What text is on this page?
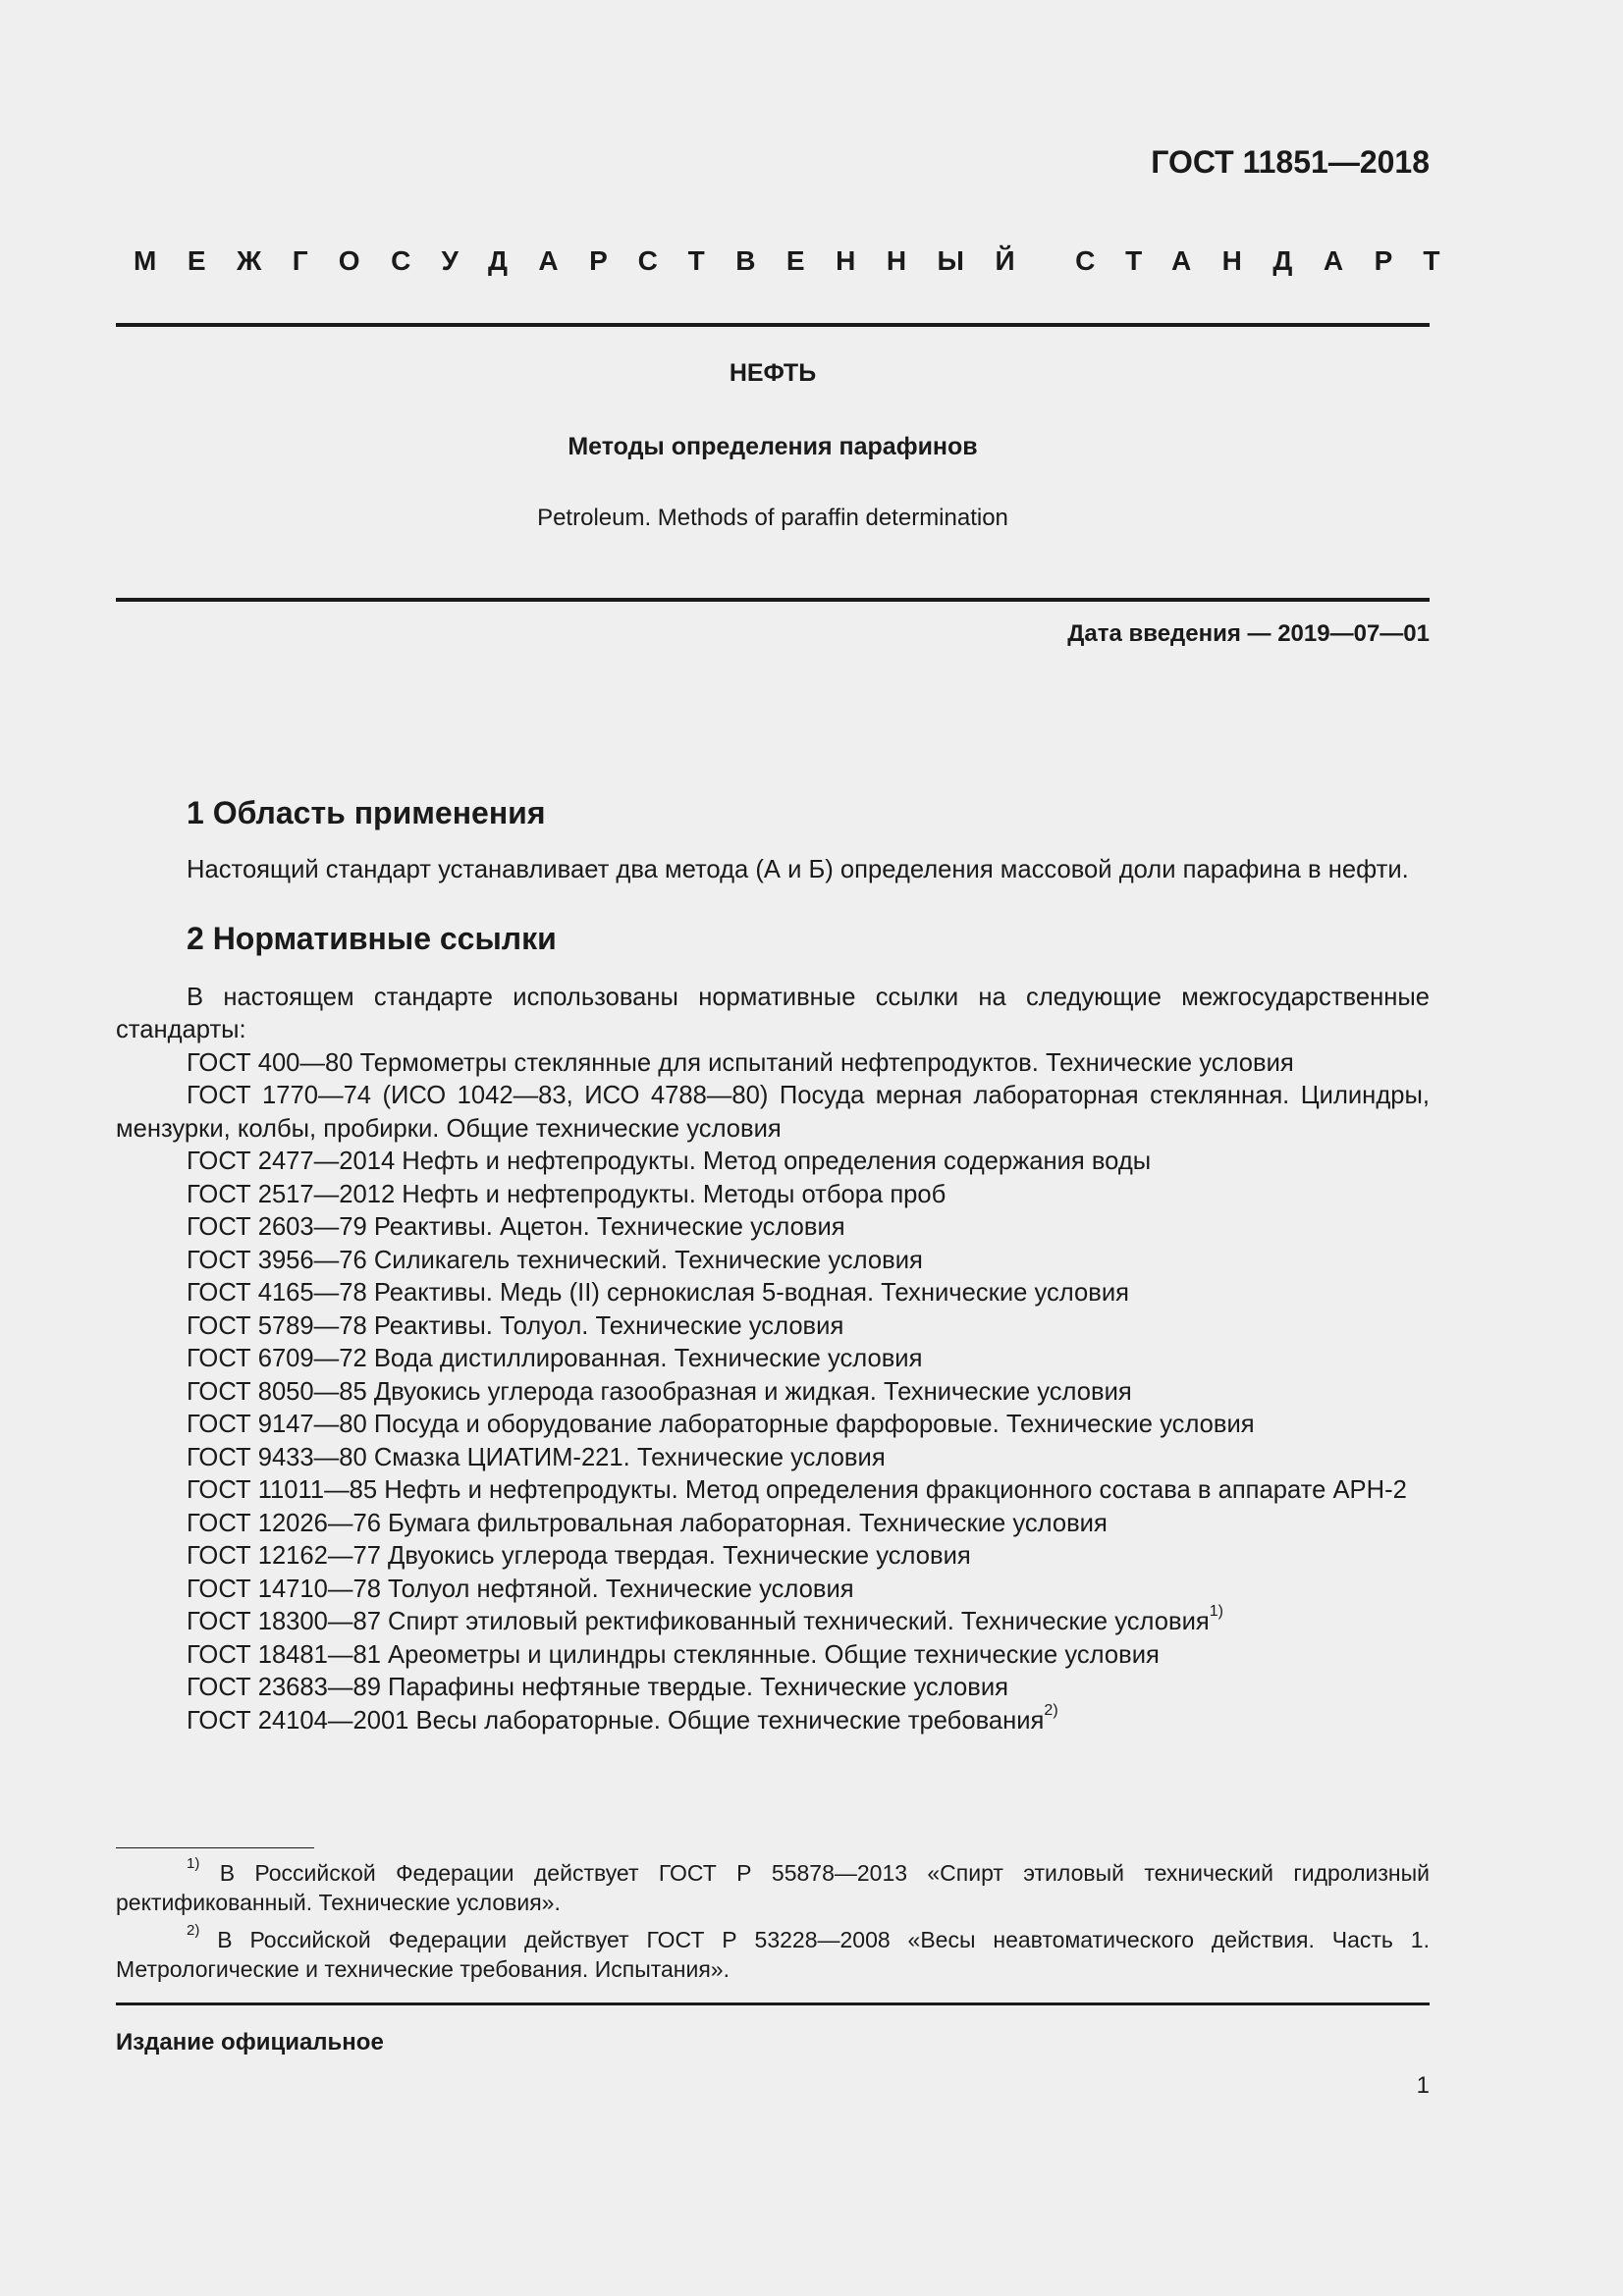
ГОСТ 11851—2018
МЕЖГОСУДАРСТВЕННЫЙ СТАНДАРТ
НЕФТЬ
Методы определения парафинов
Petroleum. Methods of paraffin determination
Дата введения — 2019—07—01
1 Область применения

Настоящий стандарт устанавливает два метода (А и Б) определения массовой доли парафина в нефти.

2 Нормативные ссылки

В настоящем стандарте использованы нормативные ссылки на следующие межгосударственные стандарты:

ГОСТ 400—80 Термометры стеклянные для испытаний нефтепродуктов. Технические условия

ГОСТ 1770—74 (ИСО 1042—83, ИСО 4788—80) Посуда мерная лабораторная стеклянная. Цилиндры, мензурки, колбы, пробирки. Общие технические условия

ГОСТ 2477—2014 Нефть и нефтепродукты. Метод определения содержания воды

ГОСТ 2517—2012 Нефть и нефтепродукты. Методы отбора проб

ГОСТ 2603—79 Реактивы. Ацетон. Технические условия

ГОСТ 3956—76 Силикагель технический. Технические условия

ГОСТ 4165—78 Реактивы. Медь (II) сернокислая 5-водная. Технические условия

ГОСТ 5789—78 Реактивы. Толуол. Технические условия

ГОСТ 6709—72 Вода дистиллированная. Технические условия

ГОСТ 8050—85 Двуокись углерода газообразная и жидкая. Технические условия

ГОСТ 9147—80 Посуда и оборудование лабораторные фарфоровые. Технические условия

ГОСТ 9433—80 Смазка ЦИАТИМ-221. Технические условия

ГОСТ 11011—85 Нефть и нефтепродукты. Метод определения фракционного состава в аппарате АРН-2

ГОСТ 12026—76 Бумага фильтровальная лабораторная. Технические условия

ГОСТ 12162—77 Двуокись углерода твердая. Технические условия

ГОСТ 14710—78 Толуол нефтяной. Технические условия

ГОСТ 18300—87 Спирт этиловый ректификованный технический. Технические условия$^{1)}$

ГОСТ 18481—81 Ареометры и цилиндры стеклянные. Общие технические условия

ГОСТ 23683—89 Парафины нефтяные твердые. Технические условия

ГОСТ 24104—2001 Весы лабораторные. Общие технические требования$^{2)}$

$^{1)}$ В Российской Федерации действует ГОСТ Р 55878—2013 «Спирт этиловый технический гидролизный ректификованный. Технические условия».

$^{2)}$ В Российской Федерации действует ГОСТ Р 53228—2008 «Весы неавтоматического действия. Часть 1. Метрологические и технические требования. Испытания».

Издание официальное
1
